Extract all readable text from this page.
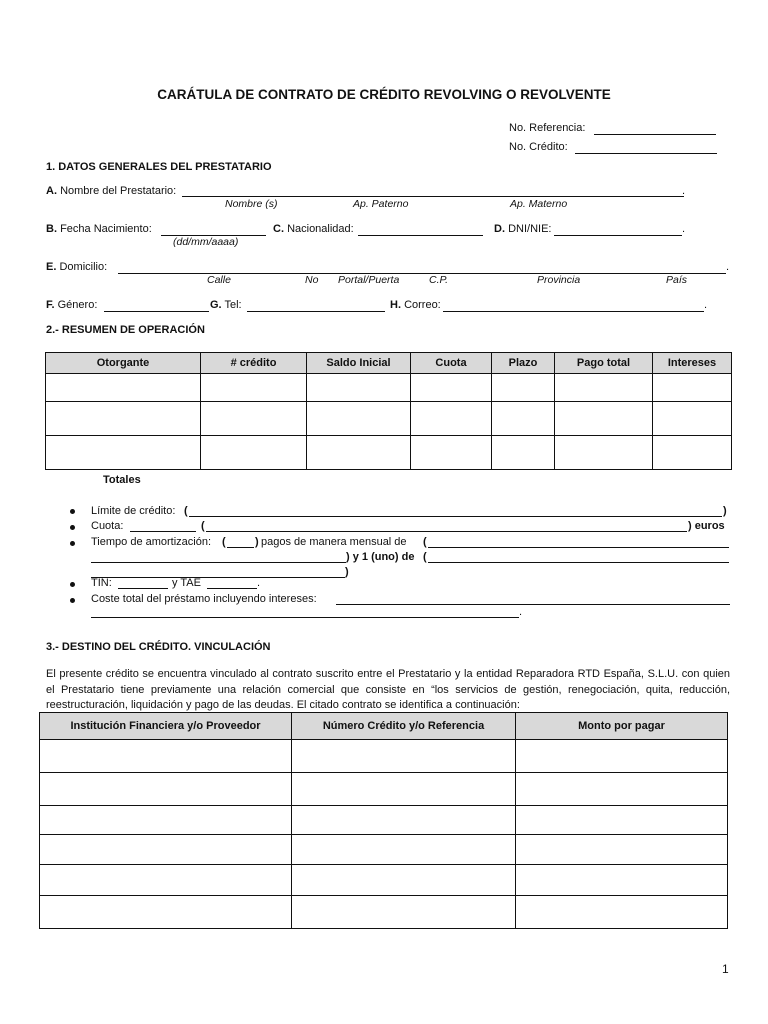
CARÁTULA DE CONTRATO DE CRÉDITO REVOLVING O REVOLVENTE
No. Referencia:
No. Crédito:
1. DATOS GENERALES DEL PRESTATARIO
A. Nombre del Prestatario:	.
Nombre (s)	Ap. Paterno	Ap. Materno
B. Fecha Nacimiento:
(dd/mm/aaaa)
C. Nacionalidad:	D. DNI/NIE:	.
E. Domicilio:	.
Calle	No Portal/Puerta	C.P.	Provincia	País
F. Género:	G. Tel:	H. Correo:	.
2.- RESUMEN DE OPERACIÓN
Otorgante	# crédito	Saldo Inicial	Cuota	Plazo	Pago total	Intereses

Totales
Límite de crédito: (	)
Cuota:	(	) euros
Tiempo de amortización: (	) pagos de manera mensual de (
) y 1 (uno) de (
)
TIN:	y TAE	.
Coste total del préstamo incluyendo intereses:
.
3.- DESTINO DEL CRÉDITO. VINCULACIÓN
El presente crédito se encuentra vinculado al contrato suscrito entre el Prestatario y la entidad Reparadora RTD España, S.L.U. con quien el Prestatario tiene previamente una relación comercial que consiste en “los servicios de gestión, renegociación, quita, reducción, reestructuración, liquidación y pago de las deudas. El citado contrato se identifica a continuación:
Institución Financiera y/o Proveedor	Número Crédito y/o Referencia	Monto por pagar

1
